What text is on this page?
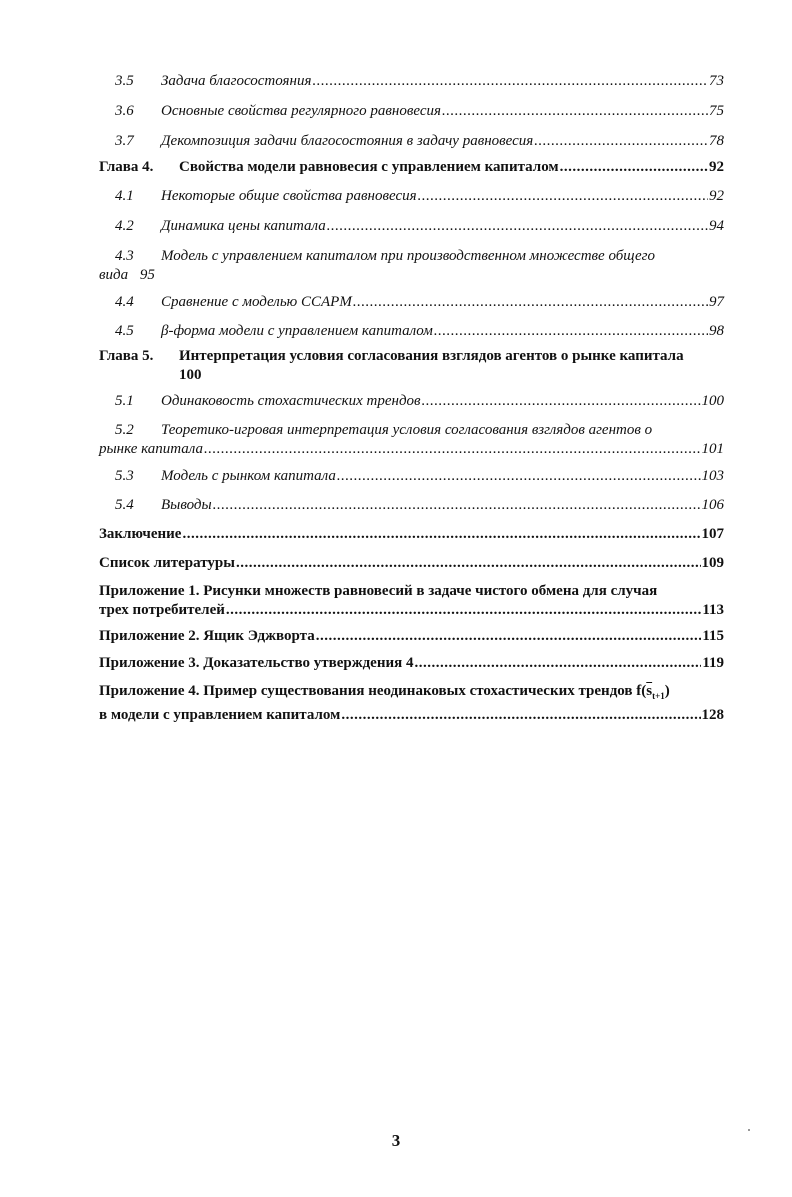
3.5 Задача благосостояния .....	73
3.6 Основные свойства регулярного равновесия .....	75
3.7 Декомпозиция задачи благосостояния в задачу равновесия .....	78
Глава 4. Свойства модели равновесия с управлением капиталом .....	92
4.1 Некоторые общие свойства равновесия .....	92
4.2 Динамика цены капитала .....	94
4.3 Модель с управлением капиталом при производственном множестве общего
вида 95
4.4 Сравнение с моделью CCAPM .....	97
4.5 β-форма модели с управлением капиталом .....	98
Глава 5. Интерпретация условия согласования взглядов агентов о рынке капитала
100
5.1 Одинаковость стохастических трендов .....	100
5.2 Теоретико-игровая интерпретация условия согласования взглядов агентов о
рынке капитала .....	101
5.3 Модель с рынком капитала .....	103
5.4 Выводы .....	106
Заключение .....	107
Список литературы .....	109
Приложение 1. Рисунки множеств равновесий в задаче чистого обмена для случая
трех потребителей .....	113
Приложение 2. Ящик Эджворта .....	115
Приложение 3. Доказательство утверждения 4 .....	119
Приложение 4. Пример существования неодинаковых стохастических трендов $f(\overline{s}_{t+1})$
в модели с управлением капиталом .....	128
3
